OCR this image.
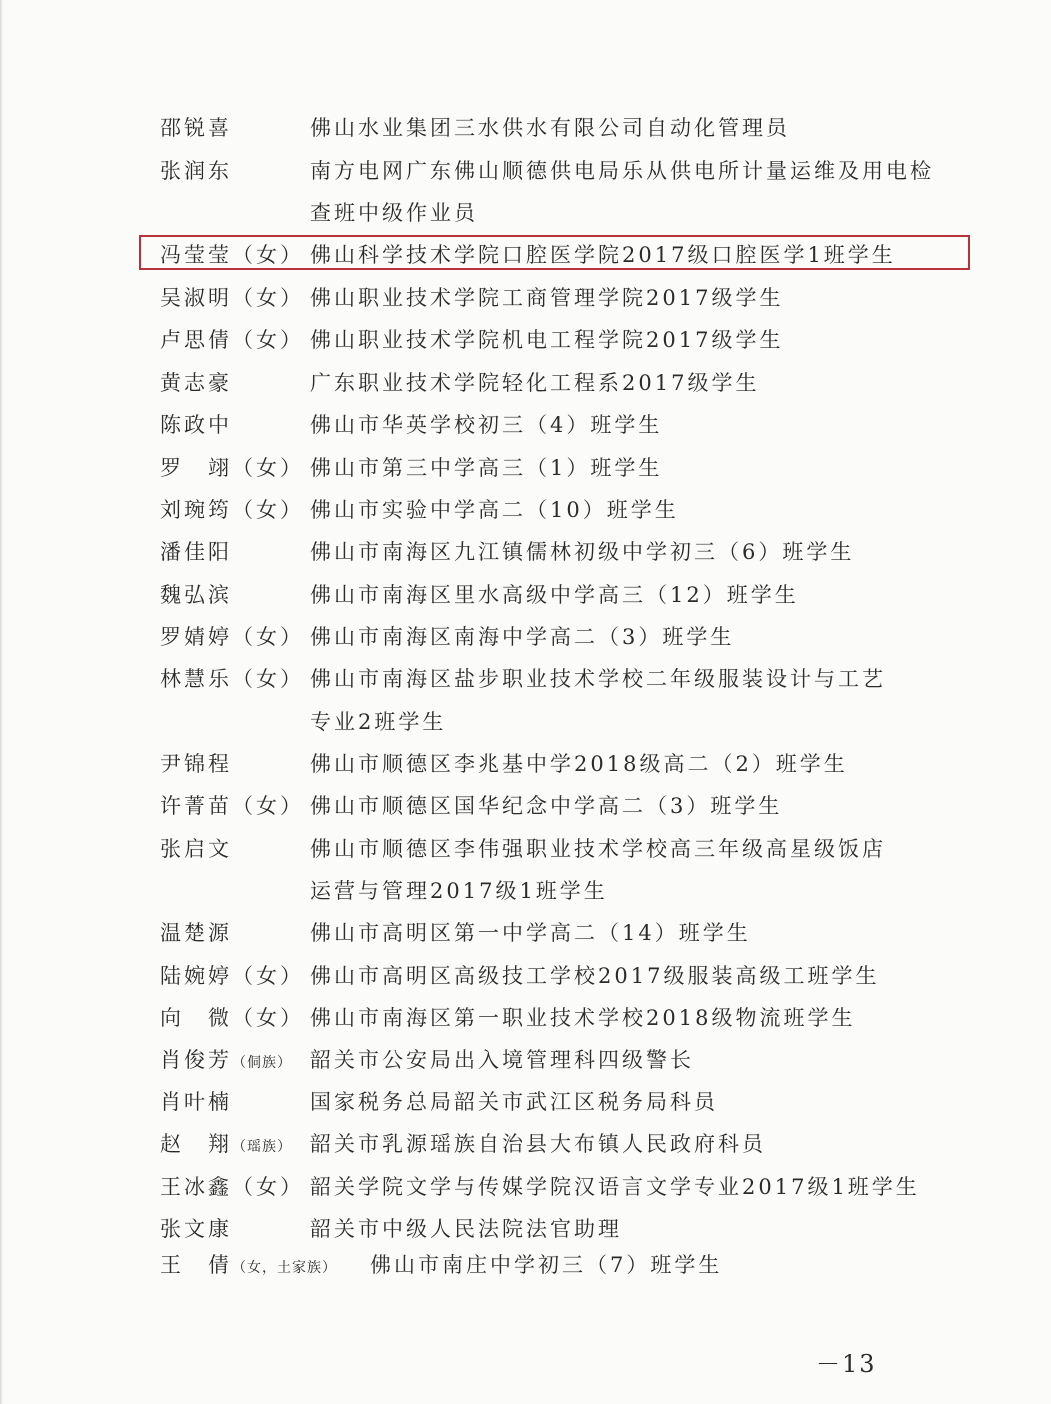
邵锐喜	佛山水业集团三水供水有限公司自动化管理员
张润东	南方电网广东佛山顺德供电局乐从供电所计量运维及用电检
查班中级作业员
冯莹莹（女） 佛山科学技术学院口腔医学院2017级口腔医学1班学生
吴淑明（女） 佛山职业技术学院工商管理学院2017级学生
卢思倩（女） 佛山职业技术学院机电工程学院2017级学生
黄志豪	广东职业技术学院轻化工程系2017级学生
陈政中	佛山市华英学校初三（4）班学生
罗　翊（女） 佛山市第三中学高三（1）班学生
刘琬筠（女） 佛山市实验中学高二（10）班学生
潘佳阳	佛山市南海区九江镇儒林初级中学初三（6）班学生
魏弘滨	佛山市南海区里水高级中学高三（12）班学生
罗婧婷（女） 佛山市南海区南海中学高二（3）班学生
林慧乐（女） 佛山市南海区盐步职业技术学校二年级服装设计与工艺
专业2班学生
尹锦程	佛山市顺德区李兆基中学2018级高二（2）班学生
许菁苗（女） 佛山市顺德区国华纪念中学高二（3）班学生
张启文	佛山市顺德区李伟强职业技术学校高三年级高星级饭店
运营与管理2017级1班学生
温楚源	佛山市高明区第一中学高二（14）班学生
陆婉婷（女） 佛山市高明区高级技工学校2017级服装高级工班学生
向　微（女） 佛山市南海区第一职业技术学校2018级物流班学生
肖俊芳（侗族） 韶关市公安局出入境管理科四级警长
肖叶楠	国家税务总局韶关市武江区税务局科员
赵　翔（瑶族） 韶关市乳源瑶族自治县大布镇人民政府科员
王冰鑫（女） 韶关学院文学与传媒学院汉语言文学专业2017级1班学生
张文康	韶关市中级人民法院法官助理
王　倩（女，土家族） 佛山市南庄中学初三（7）班学生
－13
